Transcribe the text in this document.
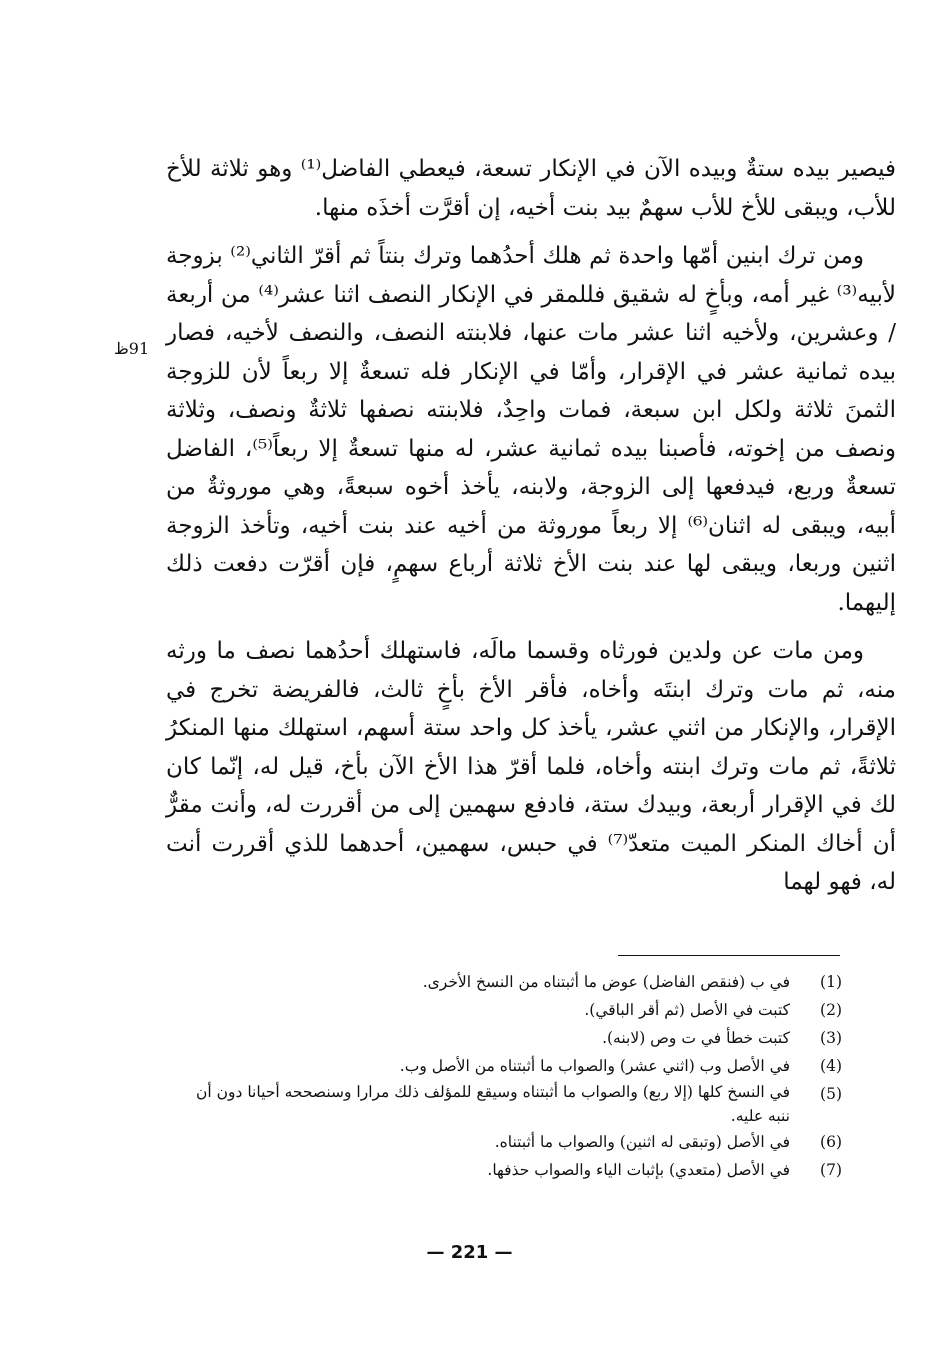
فيصير بيده ستةٌ وبيده الآن في الإنكار تسعة، فيعطي الفاضل⁽¹⁾ وهو ثلاثة للأخ للأب، ويبقى للأخ للأب سهمٌ بيد بنت أخيه، إن أقرَّت أخذَه منها.

ومن ترك ابنين أمّها واحدة ثم هلك أحدُهما وترك بنتاً ثم أقرّ الثاني⁽²⁾ بزوجة لأبيه⁽³⁾ غير أمه، وبأخٍ له شقيق فللمقر في الإنكار النصف اثنا عشر⁽⁴⁾ من أربعة / وعشرين، ولأخيه اثنا عشر مات عنها، فلابنته النصف، والنصف لأخيه، فصار بيده ثمانية عشر في الإقرار، وأمّا في الإنكار فله تسعةٌ إلا ربعاً لأن للزوجة الثمنَ ثلاثة ولكل ابن سبعة، فمات واحِدٌ، فلابنته نصفها ثلاثةٌ ونصف، وثلاثة ونصف من إخوته، فأصبنا بيده ثمانية عشر، له منها تسعةٌ إلا ربعاً⁽⁵⁾، الفاضل تسعةٌ وربع، فيدفعها إلى الزوجة، ولابنه، يأخذ أخوه سبعةً، وهي موروثةٌ من أبيه، ويبقى له اثنان⁽⁶⁾ إلا ربعاً موروثة من أخيه عند بنت أخيه، وتأخذ الزوجة اثنين وربعا، ويبقى لها عند بنت الأخ ثلاثة أرباع سهمٍ، فإن أقرّت دفعت ذلك إليهما.

ومن مات عن ولدين فورثاه وقسما مالَه، فاستهلك أحدُهما نصف ما ورثه منه، ثم مات وترك ابنتَه وأخاه، فأقر الأخ بأخٍ ثالث، فالفريضة تخرج في الإقرار، والإنكار من اثني عشر، يأخذ كل واحد ستة أسهم، استهلك منها المنكرُ ثلاثةً، ثم مات وترك ابنته وأخاه، فلما أقرّ هذا الأخ الآن بأخ، قيل له، إنّما كان لك في الإقرار أربعة، وبيدك ستة، فادفع سهمين إلى من أقررت له، وأنت مقرٌّ أن أخاك المنكر الميت متعدّ⁽⁷⁾ في حبس، سهمين، أحدهما للذي أقررت أنت له، فهو لهما

91ظ
(1)
في ب (فنقص الفاضل) عوض ما أثبتناه من النسخ الأخرى.
(2)
كتبت في الأصل (ثم أقر الباقي).
(3)
كتبت خطأ في ت وص (لابنه).
(4)
في الأصل وب (اثني عشر) والصواب ما أثبتناه من الأصل وب.
(5)
في النسخ كلها (إلا ربع) والصواب ما أثبتناه وسيقع للمؤلف ذلك مرارا وسنصححه أحيانا دون أن ننبه عليه.
(6)
في الأصل (وتبقى له اثنين) والصواب ما أثبتناه.
(7)
في الأصل (متعدي) بإثبات الياء والصواب حذفها.
— 221 —
